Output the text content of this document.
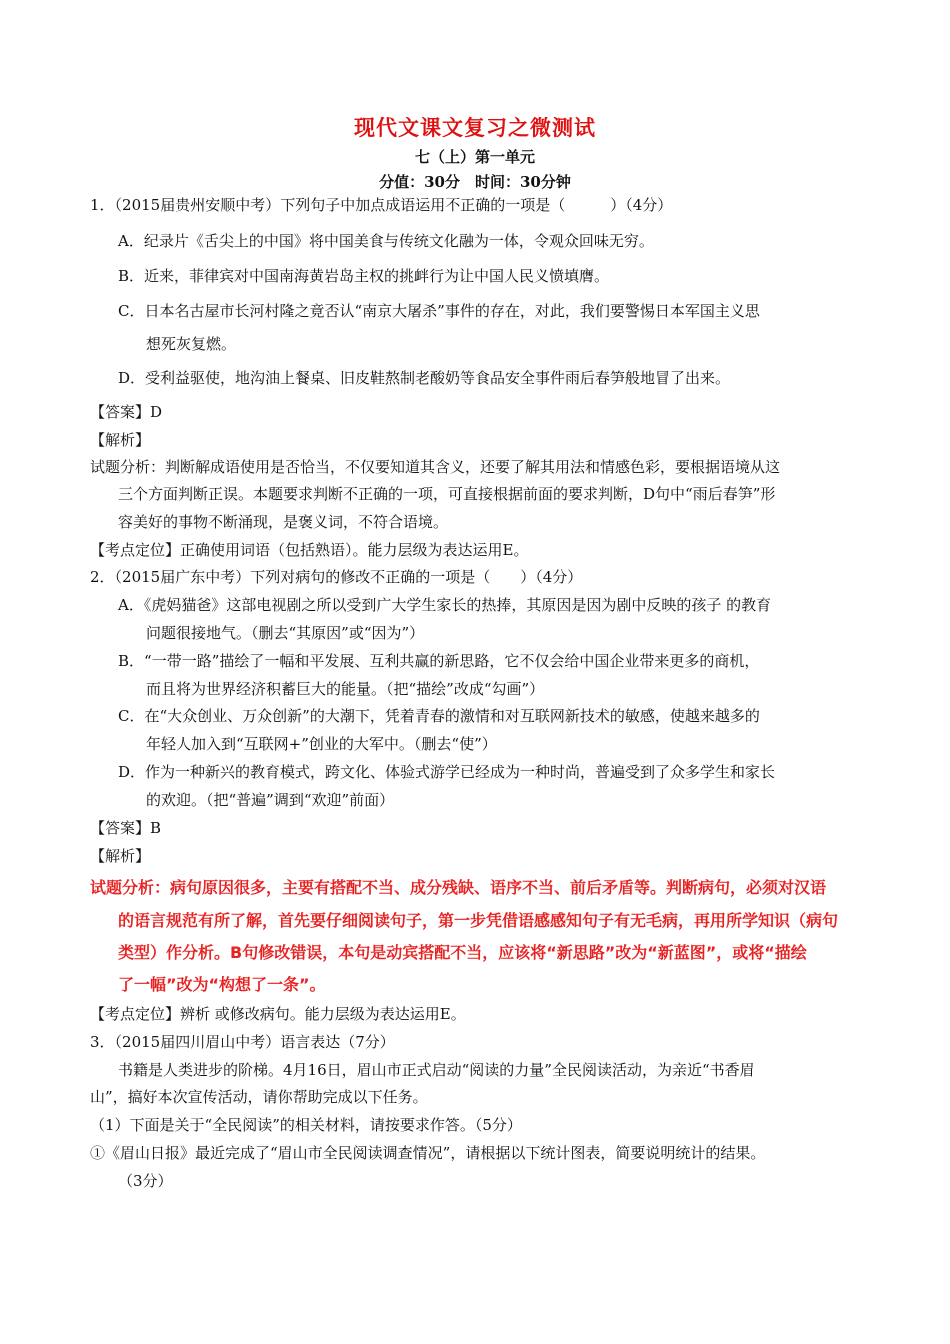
现代文课文复习之微测试
七（上）第一单元
分值：30分　时间：30分钟
1．（2015届贵州安顺中考）下列句子中加点成语运用不正确的一项是（　　　）（4分）
A．纪录片《舌尖上的中国》将中国美食与传统文化融为一体，令观众回味无穷。
B．近来，菲律宾对中国南海黄岩岛主权的挑衅行为让中国人民义愤填膺。
C．日本名古屋市长河村隆之竟否认“南京大屠杀”事件的存在，对此，我们要警惕日本军国主义思
想死灰复燃。
D．受利益驱使，地沟油上餐桌、旧皮鞋熬制老酸奶等食品安全事件雨后春笋般地冒了出来。
【答案】D
【解析】
试题分析：判断解成语使用是否恰当，不仅要知道其含义，还要了解其用法和情感色彩，要根据语境从这
三个方面判断正误。本题要求判断不正确的一项，可直接根据前面的要求判断，D句中“雨后春笋”形
容美好的事物不断涌现，是褒义词，不符合语境。
【考点定位】正确使用词语（包括熟语）。能力层级为表达运用E。
2．（2015届广东中考）下列对病句的修改不正确的一项是（　　）（4分）
A．《虎妈猫爸》这部电视剧之所以受到广大学生家长的热捧，其原因是因为剧中反映的孩子 的教育
问题很接地气。（删去“其原因”或“因为”）
B．“一带一路”描绘了一幅和平发展、互利共赢的新思路，它不仅会给中国企业带来更多的商机，
而且将为世界经济积蓄巨大的能量。（把“描绘”改成“勾画”）
C．在“大众创业、万众创新”的大潮下，凭着青春的激情和对互联网新技术的敏感，使越来越多的
年轻人加入到“互联网+”创业的大军中。（删去“使”）
D．作为一种新兴的教育模式，跨文化、体验式游学已经成为一种时尚，普遍受到了众多学生和家长
的欢迎。（把“普遍”调到“欢迎”前面）
【答案】B
【解析】
试题分析：病句原因很多，主要有搭配不当、成分残缺、语序不当、前后矛盾等。判断病句，必须对汉语
的语言规范有所了解，首先要仔细阅读句子，第一步凭借语感感知句子有无毛病，再用所学知识（病句
类型）作分析。B句修改错误，本句是动宾搭配不当，应该将“新思路”改为“新蓝图”，或将“描绘
了一幅”改为“构想了一条”。
【考点定位】辨析 或修改病句。能力层级为表达运用E。
3．（2015届四川眉山中考）语言表达（7分）
书籍是人类进步的阶梯。4月16日，眉山市正式启动“阅读的力量”全民阅读活动，为亲近“书香眉
山”，搞好本次宣传活动，请你帮助完成以下任务。
（1）下面是关于“全民阅读”的相关材料，请按要求作答。（5分）
①《眉山日报》最近完成了“眉山市全民阅读调查情况”，请根据以下统计图表，简要说明统计的结果。
（3分）
